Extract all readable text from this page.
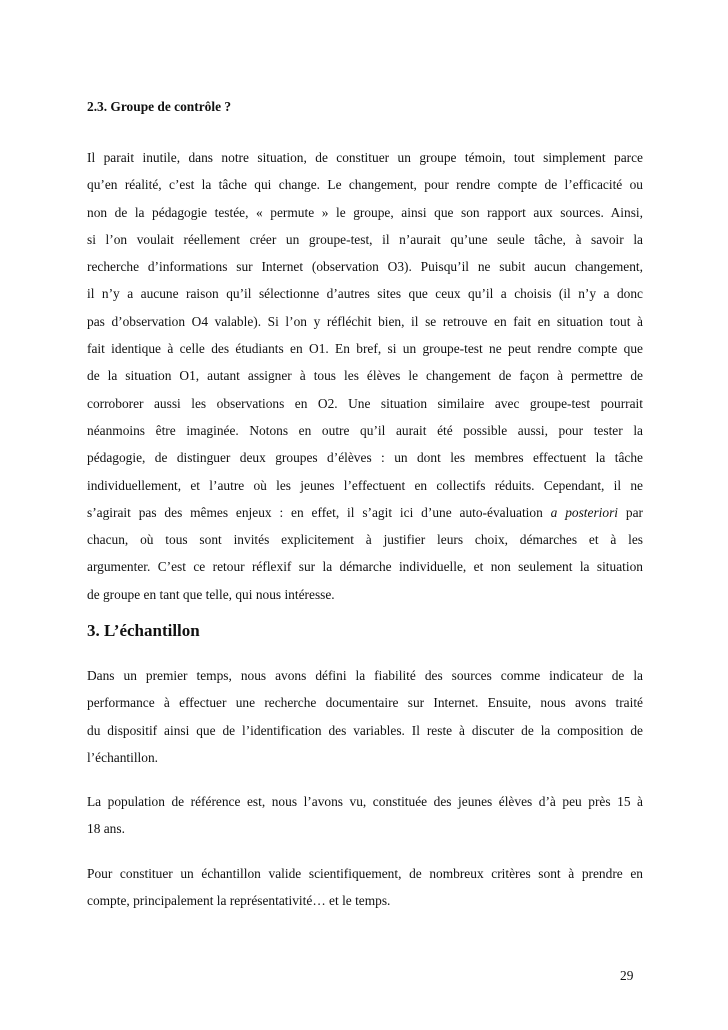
2.3. Groupe de contrôle ?
Il parait inutile, dans notre situation, de constituer un groupe témoin, tout simplement parce
qu’en réalité, c’est la tâche qui change. Le changement, pour rendre compte de l’efficacité ou
non de la pédagogie testée, « permute » le groupe, ainsi que son rapport aux sources. Ainsi,
si l’on voulait réellement créer un groupe-test, il n’aurait qu’une seule tâche, à savoir la
recherche d’informations sur Internet (observation O3). Puisqu’il ne subit aucun changement,
il n’y a aucune raison qu’il sélectionne d’autres sites que ceux qu’il a choisis (il n’y a donc
pas d’observation O4 valable). Si l’on y réfléchit bien, il se retrouve en fait en situation tout à
fait identique à celle des étudiants en O1. En bref, si un groupe-test ne peut rendre compte que
de la situation O1, autant assigner à tous les élèves le changement de façon à permettre de
corroborer aussi les observations en O2. Une situation similaire avec groupe-test pourrait
néanmoins être imaginée. Notons en outre qu’il aurait été possible aussi, pour tester la
pédagogie, de distinguer deux groupes d’élèves : un dont les membres effectuent la tâche
individuellement, et l’autre où les jeunes l’effectuent en collectifs réduits. Cependant, il ne
s’agirait pas des mêmes enjeux : en effet, il s’agit ici d’une auto-évaluation a posteriori par
chacun, où tous sont invités explicitement à justifier leurs choix, démarches et à les
argumenter. C’est ce retour réflexif sur la démarche individuelle, et non seulement la situation
de groupe en tant que telle, qui nous intéresse.
3. L’échantillon
Dans un premier temps, nous avons défini la fiabilité des sources comme indicateur de la
performance à effectuer une recherche documentaire sur Internet. Ensuite, nous avons traité
du dispositif ainsi que de l’identification des variables. Il reste à discuter de la composition de
l’échantillon.
La population de référence est, nous l’avons vu, constituée des jeunes élèves d’à peu près 15 à
18 ans.
Pour constituer un échantillon valide scientifiquement, de nombreux critères sont à prendre en
compte, principalement la représentativité… et le temps.
29
